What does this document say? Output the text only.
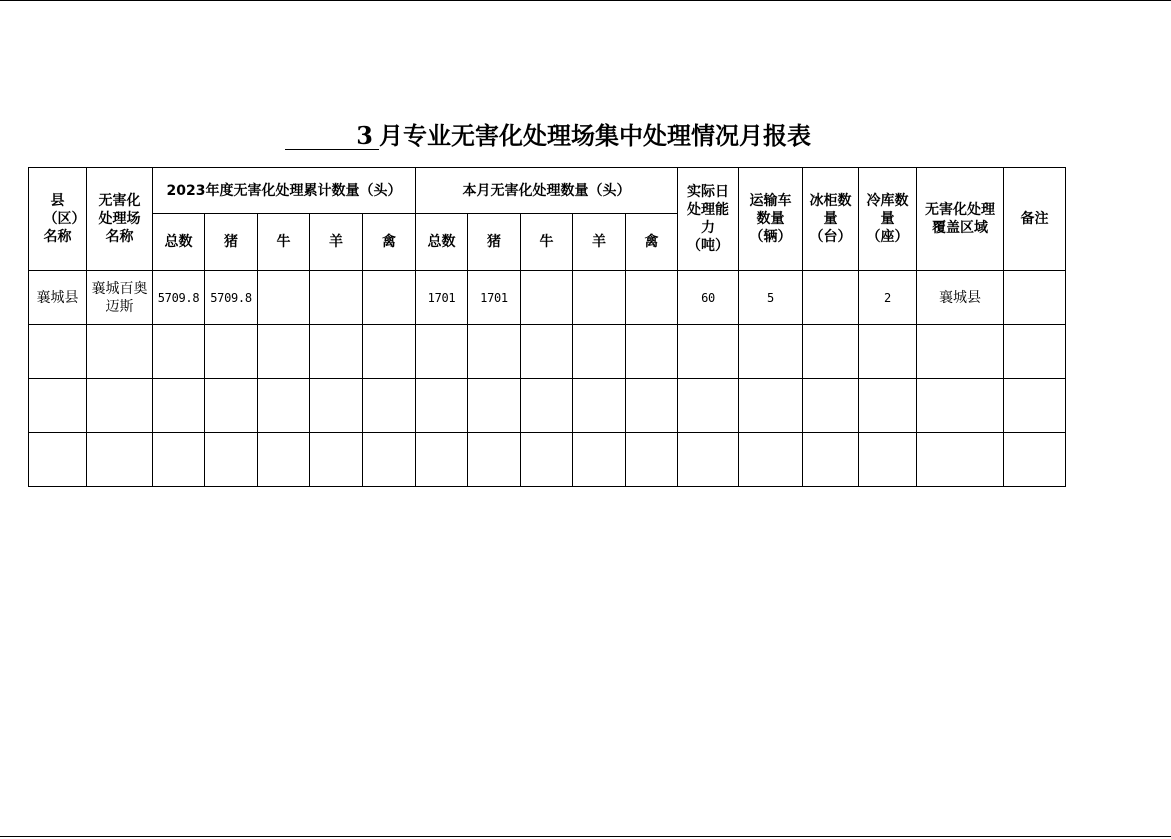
3 月专业无害化处理场集中处理情况月报表
县（区）名称	无害化处理场名称	2023年度无害化处理累计数量（头）					本月无害化处理数量（头）					实际日处理能力（吨）	运输车数量（辆）	冰柜数量（台）	冷库数量（座）	无害化处理覆盖区域	备注
		总数	猪	牛	羊	禽	总数	猪	牛	羊	禽						
襄城县	襄城百奥迈斯	5709.8	5709.8				1701	1701				60	5		2	襄城县	
